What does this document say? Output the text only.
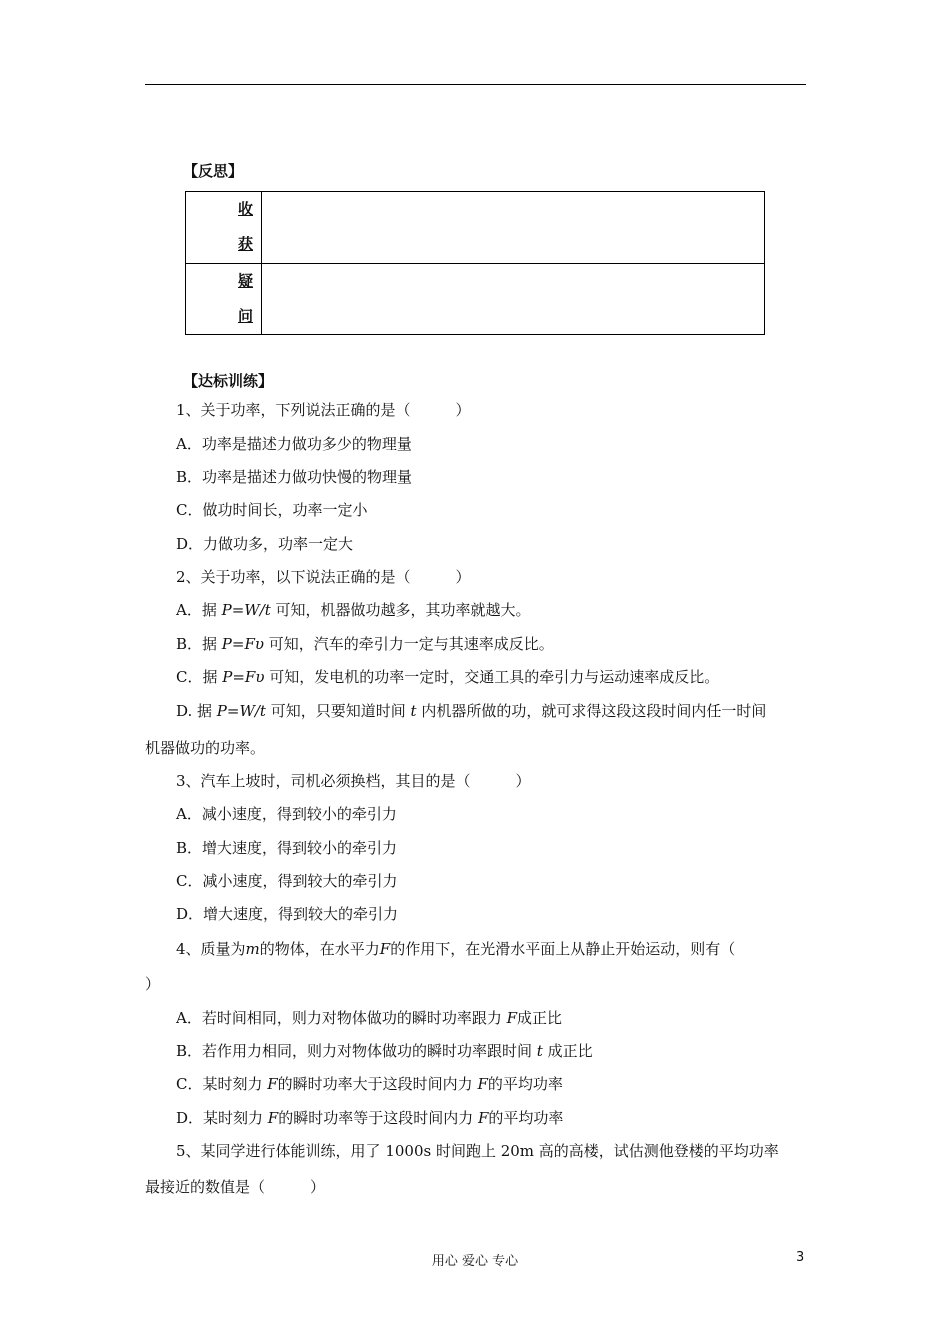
【反思】
收
获	

疑
问	

【达标训练】
1、关于功率，下列说法正确的是（　　　）
A．功率是描述力做功多少的物理量
B．功率是描述力做功快慢的物理量
C．做功时间长，功率一定小
D．力做功多，功率一定大
2、关于功率，以下说法正确的是（　　　）
A．据 P=W/t 可知，机器做功越多，其功率就越大。
B．据 P=Fυ 可知，汽车的牵引力一定与其速率成反比。
C．据 P=Fυ 可知，发电机的功率一定时，交通工具的牵引力与运动速率成反比。
D. 据 P=W/t 可知，只要知道时间 t 内机器所做的功，就可求得这段这段时间内任一时间
机器做功的功率。
3、汽车上坡时，司机必须换档，其目的是（　　　）
A．减小速度，得到较小的牵引力
B．增大速度，得到较小的牵引力
C．减小速度，得到较大的牵引力
D．增大速度，得到较大的牵引力
4、质量为m的物体，在水平力F的作用下，在光滑水平面上从静止开始运动，则有（
）
A．若时间相同，则力对物体做功的瞬时功率跟力 F成正比
B．若作用力相同，则力对物体做功的瞬时功率跟时间 t 成正比
C．某时刻力 F的瞬时功率大于这段时间内力 F的平均功率
D．某时刻力 F的瞬时功率等于这段时间内力 F的平均功率
5、某同学进行体能训练，用了 1000s 时间跑上 20m 高的高楼，试估测他登楼的平均功率
最接近的数值是（　　　）
用心 爱心 专心	3
